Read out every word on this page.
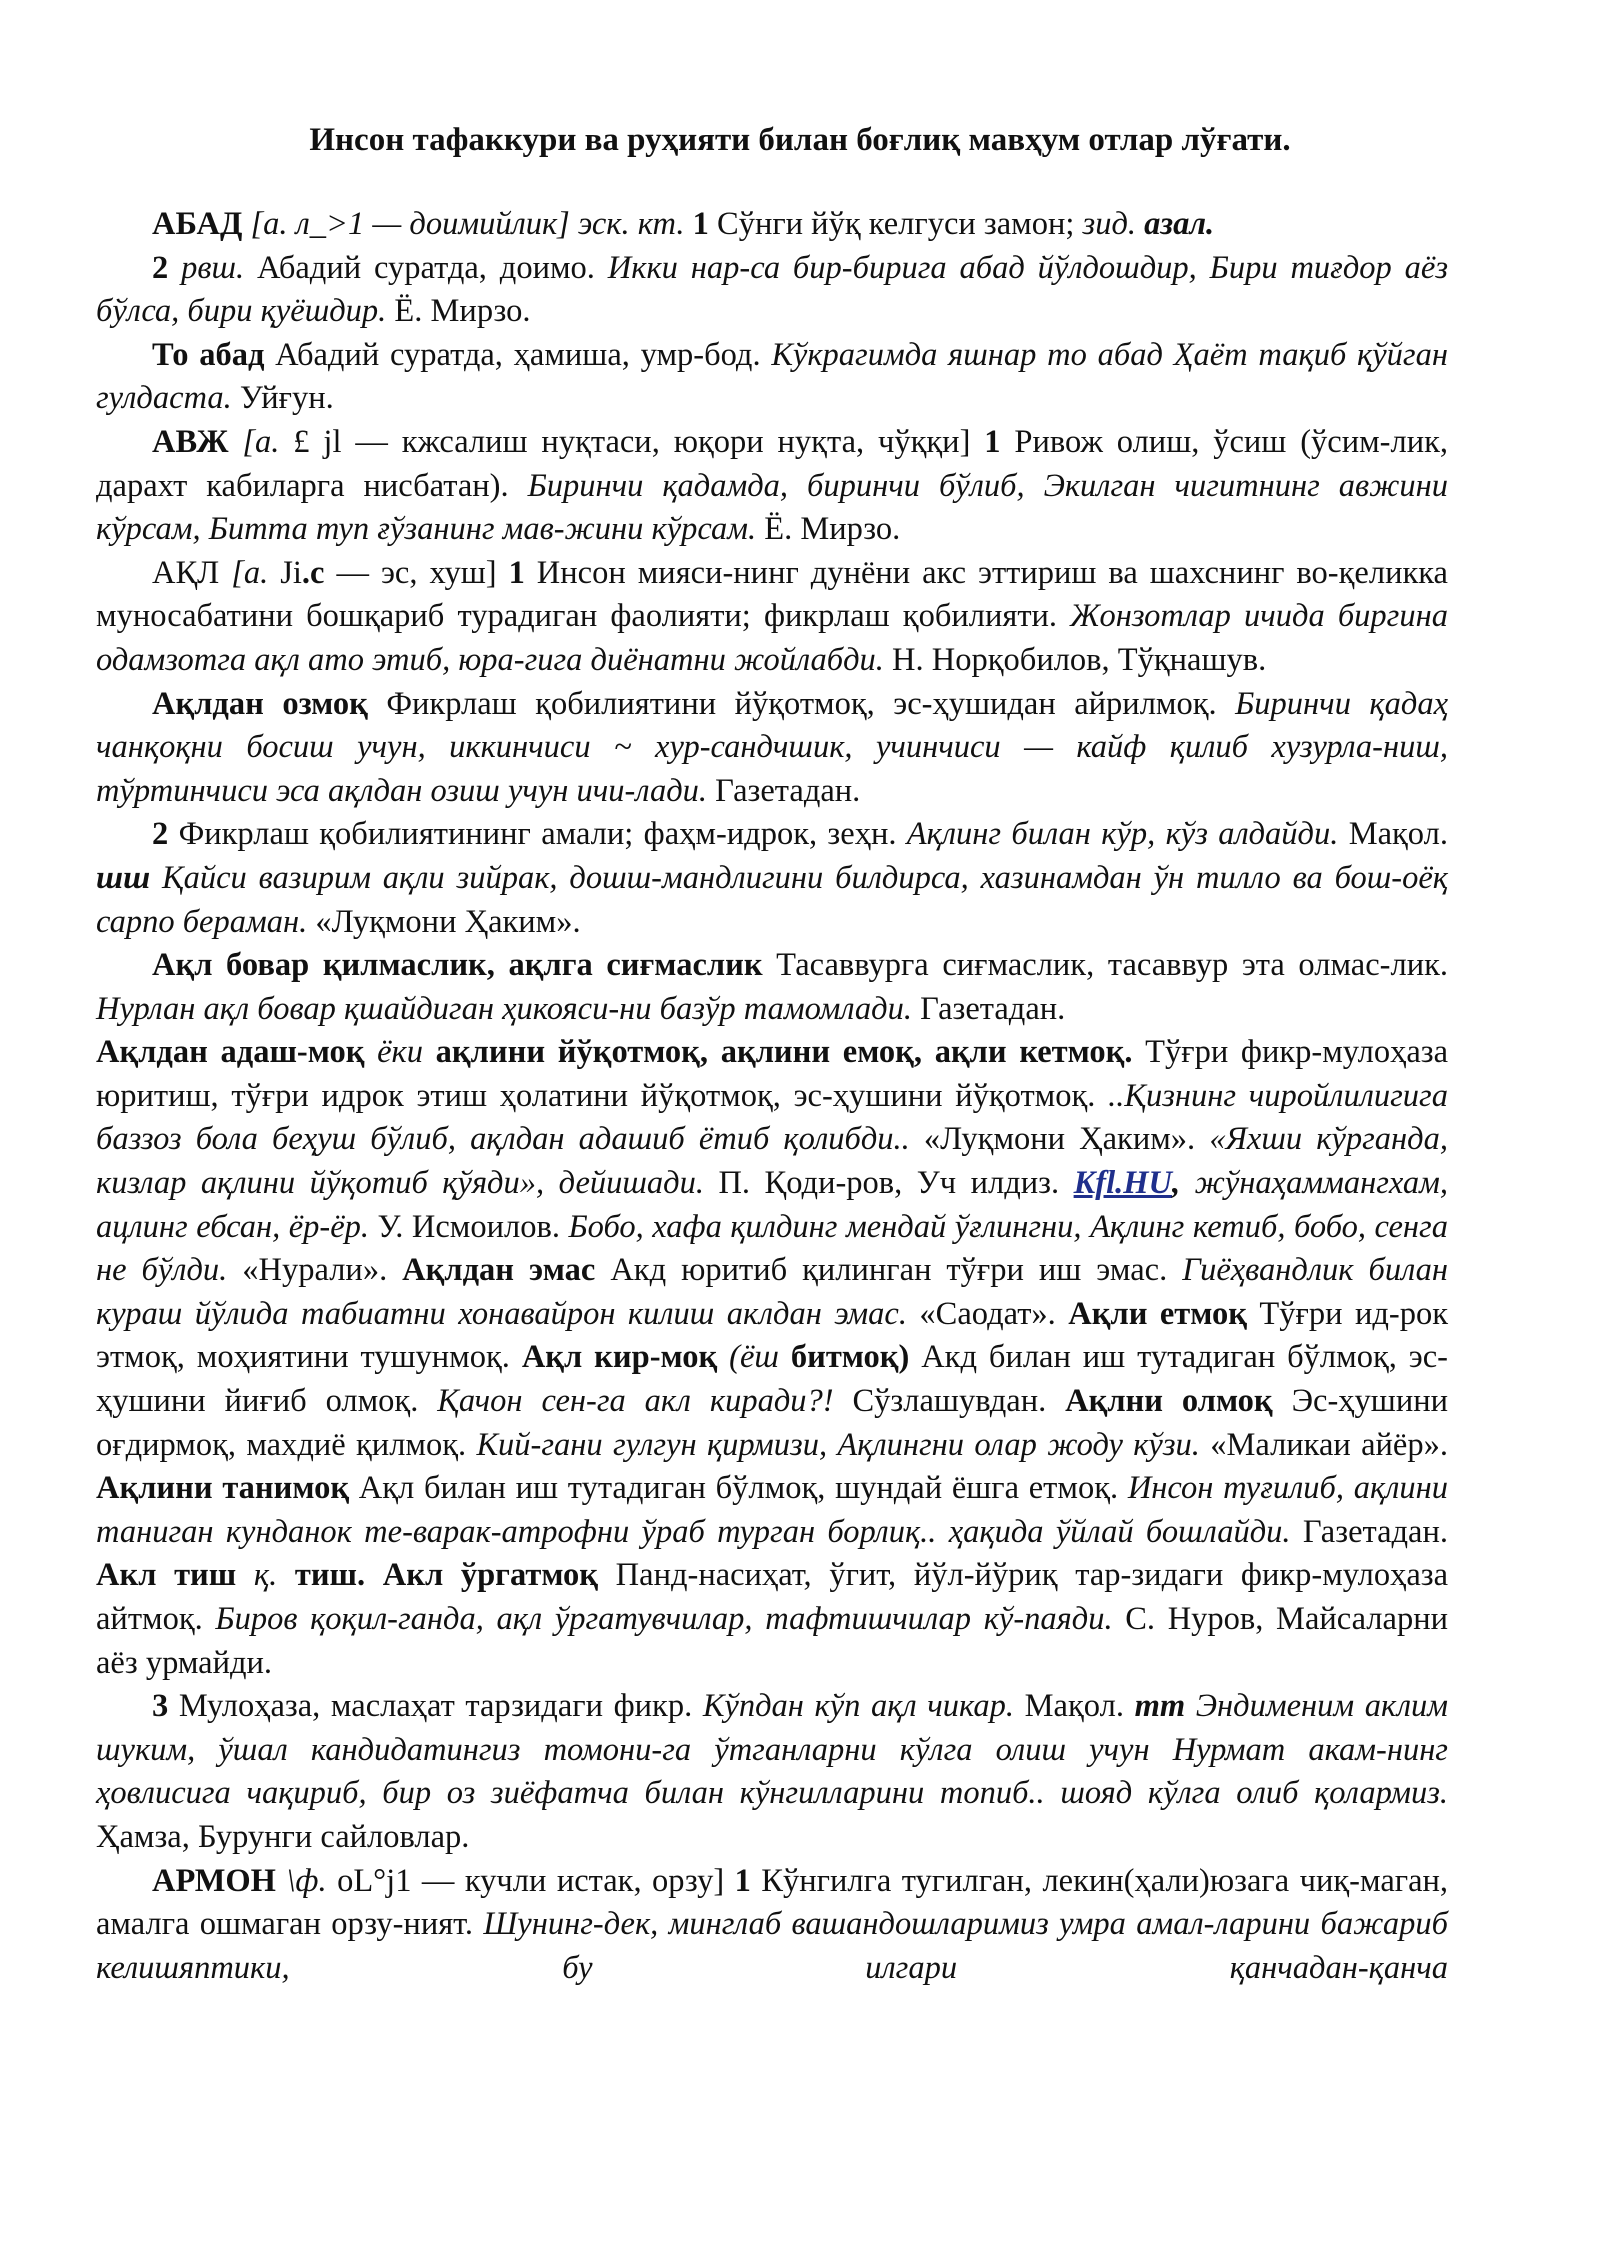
Инсон тафаккури ва руҳияти билан боғлиқ мавҳум отлар лўғати.

АБАД [а. л_>1 — доимийлик] эск. кт. 1 Сўнги йўқ келгуси замон; зид. азал.

2 рвш. Абадий суратда, доимо. Икки нар-са бир-бирига абад йўлдошдир, Бири тиғдор аёз бўлса, бири қуёшдир. Ё. Мирзо.

То абад Абадий суратда, ҳамиша, умр-бод. Кўкрагимда яшнар то абад Ҳаёт тақиб қўйган гулдаста. Уйғун.

АВЖ [а. £ jl — кжсалиш нуқтаси, юқори нуқта, чўққи] 1 Ривож олиш, ўсиш (ўсим-лик, дарахт кабиларга нисбатан). Биринчи қадамда, биринчи бўлиб, Экилган чигитнинг авжини кўрсам, Битта туп ғўзанинг мав-жини кўрсам. Ё. Мирзо.

АҚЛ [а. Ji.с — эс, хуш] 1 Инсон мияси-нинг дунёни акс эттириш ва шахснинг во-қеликка муносабатини бошқариб турадиган фаолияти; фикрлаш қобилияти. Жонзотлар ичида биргина одамзотга ақл ато этиб, юра-гига диёнатни жойлабди. Н. Норқобилов, Тўқнашув.

Ақлдан озмоқ Фикрлаш қобилиятини йўқотмоқ, эс-ҳушидан айрилмоқ. Биринчи қадаҳ чанқоқни босиш учун, иккинчиси ~ хур-сандчшик, учинчиси — кайф қилиб хузурла-ниш, тўртинчиси эса ақлдан озиш учун ичи-лади. Газетадан.

2 Фикрлаш қобилиятининг амали; фаҳм-идрок, зеҳн. Ақлинг билан кўр, кўз алдайди. Мақол. шш Қайси вазирим ақли зийрак, дошш-мандлигини билдирса, хазинамдан ўн тилло ва бош-оёқ сарпо бераман. «Луқмони Ҳаким».

Ақл бовар қилмаслик, ақлга сиғмаслик Тасаввурга сиғмаслик, тасаввур эта олмас-лик. Нурлан ақл бовар қшайдиган ҳикояси-ни базўр тамомлади. Газетадан.

Ақлдан адаш-моқ ёки ақлини йўқотмоқ, ақлини емоқ, ақли кетмоқ. Тўғри фикр-мулоҳаза юритиш, тўғри идрок этиш ҳолатини йўқотмоқ, эс-ҳушини йўқотмоқ. ..Қизнинг чиройлилигига баззоз бола беҳуш бўлиб, ақлдан адашиб ётиб қолибди.. «Луқмони Ҳаким». «Яхши кўрганда, кизлар ақлини йўқотиб қўяди», дейишади. П. Қоди-ров, Уч илдиз. Kfl.HU, жўнаҳаммангхам, ацлинг ебсан, ёр-ёр. У. Исмоилов. Бобо, хафа қилдинг мендай ўғлингни, Ақлинг кетиб, бобо, сенга не бўлди. «Нурали». Ақлдан эмас Акд юритиб қилинган тўғри иш эмас. Гиёҳвандлик билан кураш йўлида табиатни хонавайрон килиш аклдан эмас. «Саодат». Ақли етмоқ Тўғри ид-рок этмоқ, моҳиятини тушунмоқ. Ақл кир-моқ (ёш битмоқ) Акд билан иш тутадиган бўлмоқ, эс-ҳушини йиғиб олмоқ. Қачон сен-га акл киради?! Сўзлашувдан. Ақлни олмоқ Эс-ҳушини оғдирмоқ, махдиё қилмоқ. Кий-гани гулгун қирмизи, Ақлингни олар жоду кўзи. «Маликаи айёр». Ақлини танимоқ Ақл билан иш тутадиган бўлмоқ, шундай ёшга етмоқ. Инсон туғилиб, ақлини таниган кунданок те-варак-атрофни ўраб турган борлиқ.. ҳақида ўйлай бошлайди. Газетадан. Акл тиш қ. тиш. Акл ўргатмоқ Панд-насиҳат, ўгит, йўл-йўриқ тар-зидаги фикр-мулоҳаза айтмоқ. Биров қоқил-ганда, ақл ўргатувчилар, тафтишчилар кў-паяди. С. Нуров, Майсаларни аёз урмайди.

3 Мулоҳаза, маслаҳат тарзидаги фикр. Кўпдан кўп ақл чикар. Мақол. тт Эндименим аклим шуким, ўшал кандидатингиз томони-га ўтганларни кўлга олиш учун Нурмат акам-нинг ҳовлисига чақириб, бир оз зиёфатча билан кўнгилларини топиб.. шояд кўлга олиб қолармиз. Ҳамза, Бурунги сайловлар.

АРМОН \ф. oL°j1 — кучли истак, орзу] 1 Кўнгилга тугилган, лекин(ҳали)юзага чиқ-маган, амалга ошмаган орзу-ният. Шунинг-дек, минглаб вашандошларимиз умра амал-ларини бажариб келишяптики, бу илгари қанчадан-қанча
